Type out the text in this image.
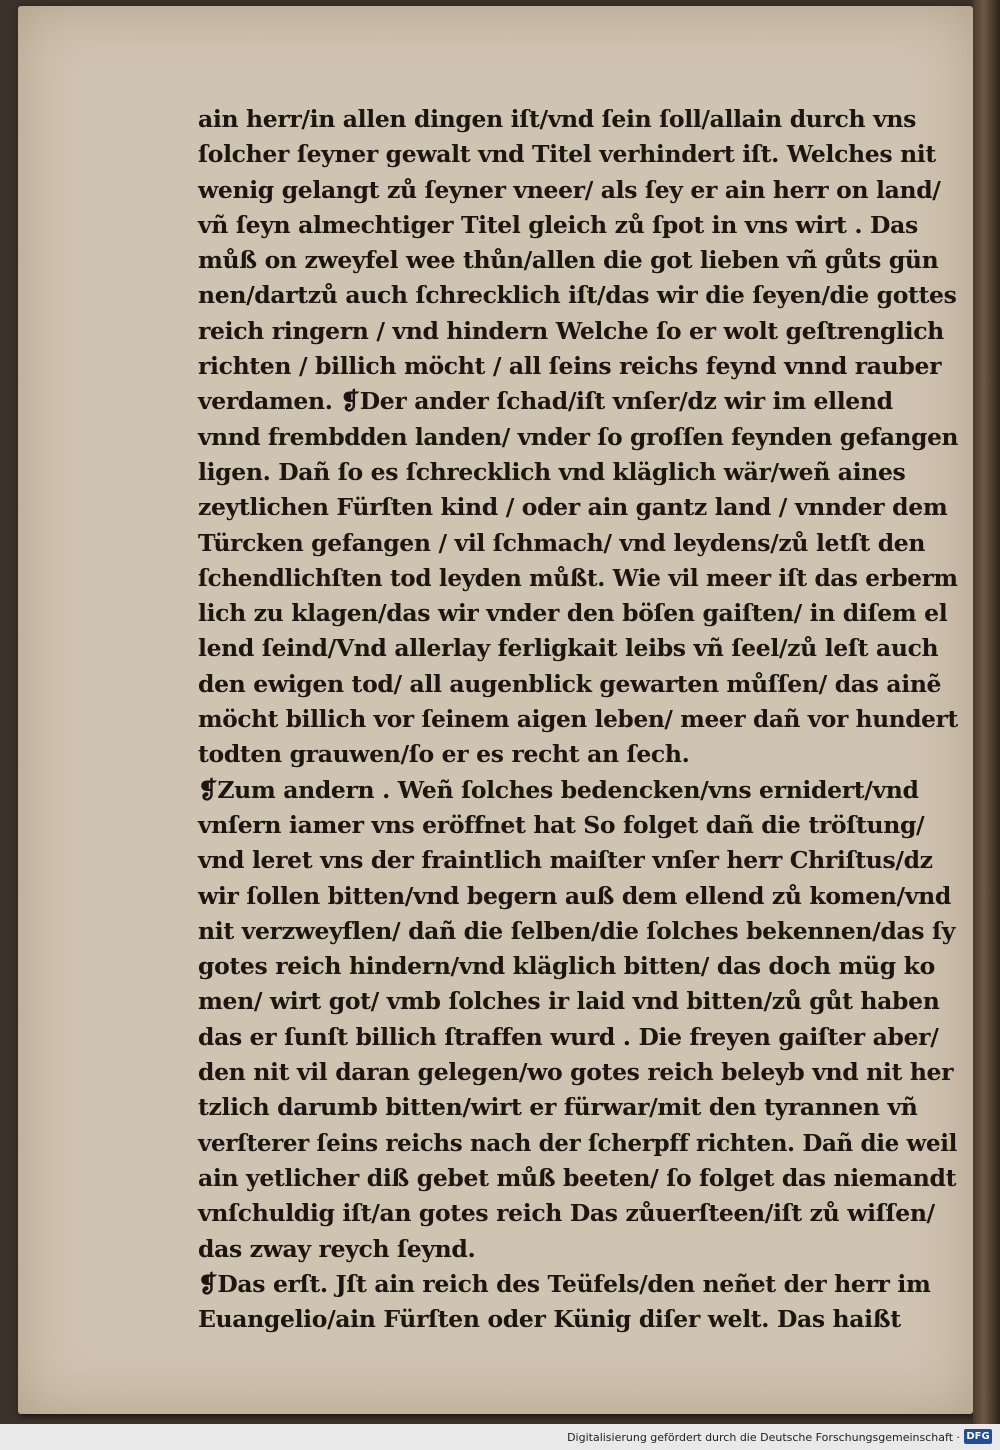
ain herr/in allen dingen iſt/vnd ſein ſoll/allain durch vns

ſolcher ſeyner gewalt vnd Titel verhindert iſt. Welches nit

wenig gelangt zů ſeyner vneer/ als ſey er ain herr on land/

vñ ſeyn almechtiger Titel gleich zů ſpot in vns wirt . Das

můß on zweyfel wee thůn/allen die got lieben vñ gůts gün

nen/dartzů auch ſchrecklich iſt/das wir die ſeyen/die gottes

reich ringern / vnd hindern Welche ſo er wolt geſtrenglich

richten / billich möcht / all ſeins reichs feynd vnnd rauber

verdamen. ❡Der ander ſchad/iſt vnſer/dz wir im ellend

vnnd frembdden landen/ vnder ſo groſſen feynden gefangen

ligen. Dañ ſo es ſchrecklich vnd kläglich wär/weñ aines

zeytlichen Fürſten kind / oder ain gantz land / vnnder dem

Türcken gefangen / vil ſchmach/ vnd leydens/zů letſt den

ſchendlichſten tod leyden můßt. Wie vil meer iſt das erberm

lich zu klagen/das wir vnder den böſen gaiſten/ in diſem el

lend ſeind/Vnd allerlay ferligkait leibs vñ ſeel/zů leſt auch

den ewigen tod/ all augenblick gewarten můſſen/ das ainẽ

möcht billich vor ſeinem aigen leben/ meer dañ vor hundert

todten grauwen/ſo er es recht an ſech.

❡Zum andern . Weñ ſolches bedencken/vns ernidert/vnd

vnſern iamer vns eröffnet hat So folget dañ die tröſtung/

vnd leret vns der fraintlich maiſter vnſer herr Chriſtus/dz

wir ſollen bitten/vnd begern auß dem ellend zů komen/vnd

nit verzweyflen/ dañ die ſelben/die ſolches bekennen/das ſy

gotes reich hindern/vnd kläglich bitten/ das doch müg ko

men/ wirt got/ vmb ſolches ir laid vnd bitten/zů gůt haben

das er ſunſt billich ſtraffen wurd . Die freyen gaiſter aber/

den nit vil daran gelegen/wo gotes reich beleyb vnd nit her

tzlich darumb bitten/wirt er fürwar/mit den tyrannen vñ

verſterer ſeins reichs nach der ſcherpff richten. Dañ die weil

ain yetlicher diß gebet můß beeten/ ſo folget das niemandt

vnſchuldig iſt/an gotes reich Das zůuerſteen/iſt zů wiſſen/

das zway reych ſeynd.

❡Das erſt. Jſt ain reich des Teüfels/den neñet der herr im

Euangelio/ain Fürſten oder Künig diſer welt. Das haißt

Digitalisierung gefördert durch die Deutsche Forschungsgemeinschaft · DFG
